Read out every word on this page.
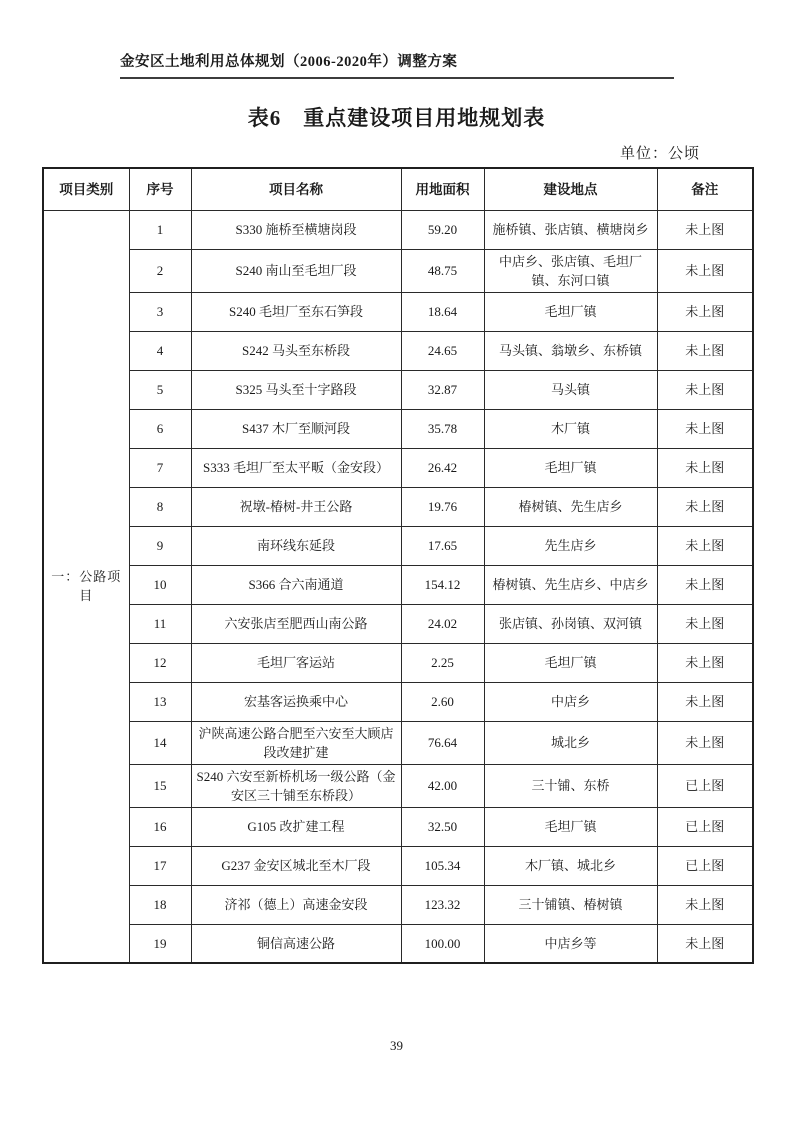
金安区土地利用总体规划（2006-2020年）调整方案
表6　重点建设项目用地规划表
单位：公顷
项目类别	序号	项目名称	用地面积	建设地点	备注
一：公路项目	1	S330 施桥至横塘岗段	59.20	施桥镇、张店镇、横塘岗乡	未上图
	2	S240 南山至毛坦厂段	48.75	中店乡、张店镇、毛坦厂镇、东河口镇	未上图
	3	S240 毛坦厂至东石笋段	18.64	毛坦厂镇	未上图
	4	S242 马头至东桥段	24.65	马头镇、翁墩乡、东桥镇	未上图
	5	S325 马头至十字路段	32.87	马头镇	未上图
	6	S437 木厂至顺河段	35.78	木厂镇	未上图
	7	S333 毛坦厂至太平畈（金安段）	26.42	毛坦厂镇	未上图
	8	祝墩-椿树-井王公路	19.76	椿树镇、先生店乡	未上图
	9	南环线东延段	17.65	先生店乡	未上图
	10	S366 合六南通道	154.12	椿树镇、先生店乡、中店乡	未上图
	11	六安张店至肥西山南公路	24.02	张店镇、孙岗镇、双河镇	未上图
	12	毛坦厂客运站	2.25	毛坦厂镇	未上图
	13	宏基客运换乘中心	2.60	中店乡	未上图
	14	沪陕高速公路合肥至六安至大顾店段改建扩建	76.64	城北乡	未上图
	15	S240 六安至新桥机场一级公路（金安区三十铺至东桥段）	42.00	三十铺、东桥	已上图
	16	G105 改扩建工程	32.50	毛坦厂镇	已上图
	17	G237 金安区城北至木厂段	105.34	木厂镇、城北乡	已上图
	18	济祁（德上）高速金安段	123.32	三十铺镇、椿树镇	未上图
	19	铜信高速公路	100.00	中店乡等	未上图
39
